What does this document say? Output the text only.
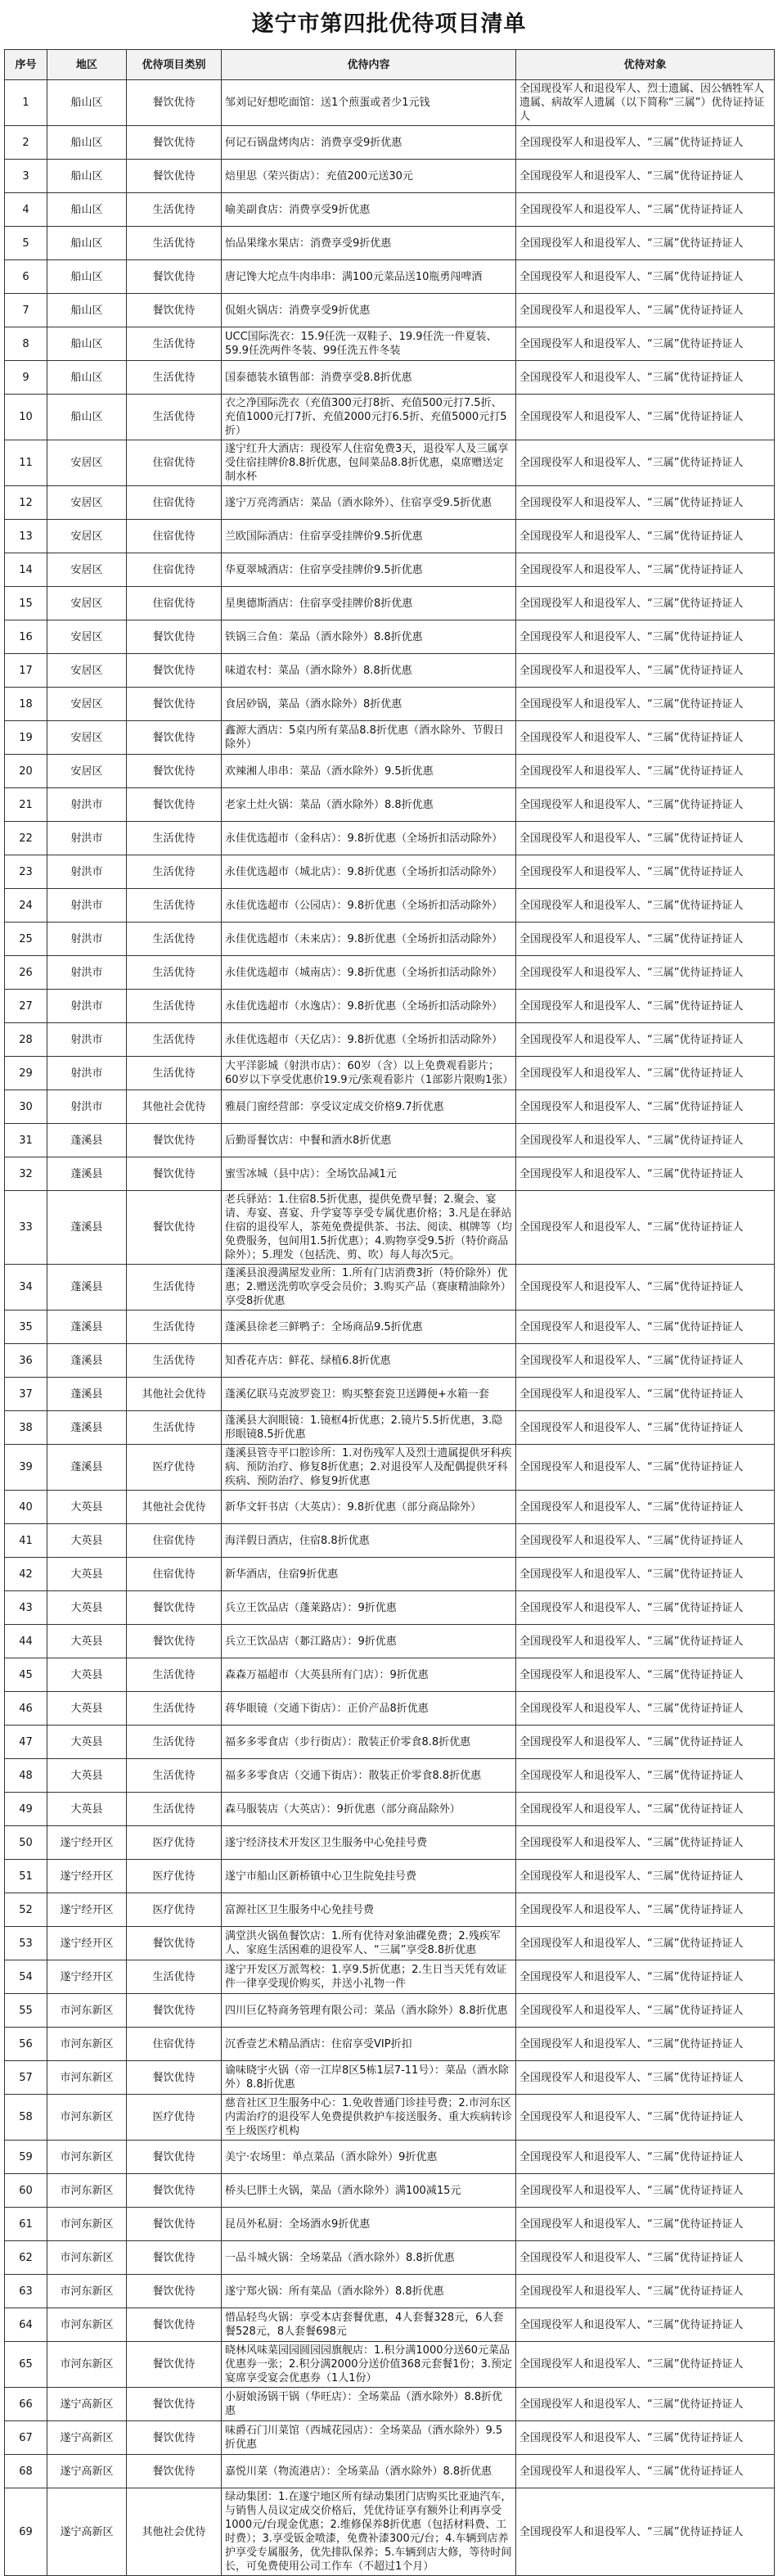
遂宁市第四批优待项目清单
序号	地区	优待项目类别	优待内容	优待对象
1	船山区	餐饮优待	邹刘记好想吃面馆：送1个煎蛋或者少1元钱	全国现役军人和退役军人、烈士遗属、因公牺牲军人遗属、病故军人遗属（以下简称“三属”）优待证持证人
2	船山区	餐饮优待	何记石锅盘烤肉店：消费享受9折优惠	全国现役军人和退役军人、“三属”优待证持证人
3	船山区	餐饮优待	焙里思（荣兴街店）：充值200元送30元	全国现役军人和退役军人、“三属”优待证持证人
4	船山区	生活优待	喻美副食店：消费享受9折优惠	全国现役军人和退役军人、“三属”优待证持证人
5	船山区	生活优待	怡品果缘水果店：消费享受9折优惠	全国现役军人和退役军人、“三属”优待证持证人
6	船山区	餐饮优待	唐记馋大坨点牛肉串串：满100元菜品送10瓶勇闯啤酒	全国现役军人和退役军人、“三属”优待证持证人
7	船山区	餐饮优待	侃姐火锅店：消费享受9折优惠	全国现役军人和退役军人、“三属”优待证持证人
8	船山区	生活优待	UCC国际洗衣：15.9任洗一双鞋子、19.9任洗一件夏装、59.9任洗两件冬装、99任洗五件冬装	全国现役军人和退役军人、“三属”优待证持证人
9	船山区	生活优待	国泰德装水镇售部：消费享受8.8折优惠	全国现役军人和退役军人、“三属”优待证持证人
10	船山区	生活优待	衣之净国际洗衣（充值300元打8折、充值500元打7.5折、充值1000元打7折、充值2000元打6.5折、充值5000元打5折）	全国现役军人和退役军人、“三属”优待证持证人
11	安居区	住宿优待	遂宁红升大酒店：现役军人住宿免费3天，退役军人及三属享受住宿挂牌价8.8折优惠，包间菜品8.8折优惠，桌席赠送定制水杯	全国现役军人和退役军人、“三属”优待证持证人
12	安居区	住宿优待	遂宁万亮湾酒店：菜品（酒水除外）、住宿享受9.5折优惠	全国现役军人和退役军人、“三属”优待证持证人
13	安居区	住宿优待	兰欧国际酒店：住宿享受挂牌价9.5折优惠	全国现役军人和退役军人、“三属”优待证持证人
14	安居区	住宿优待	华夏翠城酒店：住宿享受挂牌价9.5折优惠	全国现役军人和退役军人、“三属”优待证持证人
15	安居区	住宿优待	星奥德斯酒店：住宿享受挂牌价8折优惠	全国现役军人和退役军人、“三属”优待证持证人
16	安居区	餐饮优待	铁锅三合鱼：菜品（酒水除外）8.8折优惠	全国现役军人和退役军人、“三属”优待证持证人
17	安居区	餐饮优待	味道农村：菜品（酒水除外）8.8折优惠	全国现役军人和退役军人、“三属”优待证持证人
18	安居区	餐饮优待	食居砂锅，菜品（酒水除外）8折优惠	全国现役军人和退役军人、“三属”优待证持证人
19	安居区	餐饮优待	鑫源大酒店：5桌内所有菜品8.8折优惠（酒水除外、节假日除外）	全国现役军人和退役军人、“三属”优待证持证人
20	安居区	餐饮优待	欢辣湘人串串：菜品（酒水除外）9.5折优惠	全国现役军人和退役军人、“三属”优待证持证人
21	射洪市	餐饮优待	老家土灶火锅：菜品（酒水除外）8.8折优惠	全国现役军人和退役军人、“三属”优待证持证人
22	射洪市	生活优待	永佳优选超市（金科店）：9.8折优惠（全场折扣活动除外）	全国现役军人和退役军人、“三属”优待证持证人
23	射洪市	生活优待	永佳优选超市（城北店）：9.8折优惠（全场折扣活动除外）	全国现役军人和退役军人、“三属”优待证持证人
24	射洪市	生活优待	永佳优选超市（公园店）：9.8折优惠（全场折扣活动除外）	全国现役军人和退役军人、“三属”优待证持证人
25	射洪市	生活优待	永佳优选超市（未来店）：9.8折优惠（全场折扣活动除外）	全国现役军人和退役军人、“三属”优待证持证人
26	射洪市	生活优待	永佳优选超市（城南店）：9.8折优惠（全场折扣活动除外）	全国现役军人和退役军人、“三属”优待证持证人
27	射洪市	生活优待	永佳优选超市（水逸店）：9.8折优惠（全场折扣活动除外）	全国现役军人和退役军人、“三属”优待证持证人
28	射洪市	生活优待	永佳优选超市（天亿店）：9.8折优惠（全场折扣活动除外）	全国现役军人和退役军人、“三属”优待证持证人
29	射洪市	生活优待	大平洋影城（射洪市店）：60岁（含）以上免费观看影片；60岁以下享受优惠价19.9元/张观看影片（1部影片限购1张）	全国现役军人和退役军人、“三属”优待证持证人
30	射洪市	其他社会优待	雅晨门窗经营部：享受议定成交价格9.7折优惠	全国现役军人和退役军人、“三属”优待证持证人
31	蓬溪县	餐饮优待	后勤哥餐饮店：中餐和酒水8折优惠	全国现役军人和退役军人、“三属”优待证持证人
32	蓬溪县	餐饮优待	蜜雪冰城（县中店）：全场饮品减1元	全国现役军人和退役军人、“三属”优待证持证人
33	蓬溪县	餐饮优待	老兵驿站：1.住宿8.5折优惠，提供免费早餐；2.聚会、宴请、寿宴、喜宴、升学宴等享受专属优惠价格；3.凡是在驿站住宿的退役军人，茶苑免费提供茶、书法、阅读、棋牌等（均免费服务，包间用1.5折优惠）；4.购物享受9.5折（特价商品除外）；5.理发（包括洗、剪、吹）每人每次5元。	全国现役军人和退役军人、“三属”优待证持证人
34	蓬溪县	生活优待	蓬溪县浪漫满屋发业所：1.所有门店消费3折（特价除外）优惠；2.赠送洗剪吹享受会员价；3.购买产品（赛康精油除外）享受8折优惠	全国现役军人和退役军人、“三属”优待证持证人
35	蓬溪县	生活优待	蓬溪县徐老三鲜鸭子：全场商品9.5折优惠	全国现役军人和退役军人、“三属”优待证持证人
36	蓬溪县	生活优待	知香花卉店：鲜花、绿植6.8折优惠	全国现役军人和退役军人、“三属”优待证持证人
37	蓬溪县	其他社会优待	蓬溪亿联马克波罗瓷卫：购买整套瓷卫送蹲便+水箱一套	全国现役军人和退役军人、“三属”优待证持证人
38	蓬溪县	生活优待	蓬溪县大润眼镜：1.镜框4折优惠；2.镜片5.5折优惠，3.隐形眼镜8.5折优惠	全国现役军人和退役军人、“三属”优待证持证人
39	蓬溪县	医疗优待	蓬溪县管寺平口腔诊所：1.对伤残军人及烈士遗属提供牙科疾病、预防治疗、修复8折优惠；2.对退役军人及配偶提供牙科疾病、预防治疗、修复9折优惠	全国现役军人和退役军人、“三属”优待证持证人
40	大英县	其他社会优待	新华文轩书店（大英店）：9.8折优惠（部分商品除外）	全国现役军人和退役军人、“三属”优待证持证人
41	大英县	住宿优待	海洋假日酒店，住宿8.8折优惠	全国现役军人和退役军人、“三属”优待证持证人
42	大英县	住宿优待	新华酒店，住宿9折优惠	全国现役军人和退役军人、“三属”优待证持证人
43	大英县	餐饮优待	兵立王饮品店（蓬莱路店）：9折优惠	全国现役军人和退役军人、“三属”优待证持证人
44	大英县	餐饮优待	兵立王饮品店（郪江路店）：9折优惠	全国现役军人和退役军人、“三属”优待证持证人
45	大英县	生活优待	森森万福超市（大英县所有门店）：9折优惠	全国现役军人和退役军人、“三属”优待证持证人
46	大英县	生活优待	蒋华眼镜（交通下街店）：正价产品8折优惠	全国现役军人和退役军人、“三属”优待证持证人
47	大英县	生活优待	福多多零食店（步行街店）：散装正价零食8.8折优惠	全国现役军人和退役军人、“三属”优待证持证人
48	大英县	生活优待	福多多零食店（交通下街店）：散装正价零食8.8折优惠	全国现役军人和退役军人、“三属”优待证持证人
49	大英县	生活优待	森马服装店（大英店）：9折优惠（部分商品除外）	全国现役军人和退役军人、“三属”优待证持证人
50	遂宁经开区	医疗优待	遂宁经济技术开发区卫生服务中心免挂号费	全国现役军人和退役军人、“三属”优待证持证人
51	遂宁经开区	医疗优待	遂宁市船山区新桥镇中心卫生院免挂号费	全国现役军人和退役军人、“三属”优待证持证人
52	遂宁经开区	医疗优待	富源社区卫生服务中心免挂号费	全国现役军人和退役军人、“三属”优待证持证人
53	遂宁经开区	餐饮优待	满堂洪火锅鱼餐饮店：1.所有优待对象油碟免费；2.残疾军人、家庭生活困难的退役军人、“三属”享受8.8折优惠	全国现役军人和退役军人、“三属”优待证持证人
54	遂宁经开区	生活优待	遂宁开发区万派驾校：1.享9.5折优惠；2.生日当天凭有效证件一律享受现价购买，并送小礼物一件	全国现役军人和退役军人、“三属”优待证持证人
55	市河东新区	餐饮优待	四川巨亿特商务管理有限公司：菜品（酒水除外）8.8折优惠	全国现役军人和退役军人、“三属”优待证持证人
56	市河东新区	住宿优待	沉香壹艺术精品酒店：住宿享受VIP折扣	全国现役军人和退役军人、“三属”优待证持证人
57	市河东新区	餐饮优待	谕味晓宇火锅（帝一江岸8区5栋1层7-11号）：菜品（酒水除外）8.8折优惠	全国现役军人和退役军人、“三属”优待证持证人
58	市河东新区	医疗优待	慈音社区卫生服务中心：1.免收普通门诊挂号费；2.市河东区内需治疗的退役军人免费提供救护车接送服务、重大疾病转诊至上级医疗机构	全国现役军人和退役军人、“三属”优待证持证人
59	市河东新区	餐饮优待	美宁·农场里：单点菜品（酒水除外）9折优惠	全国现役军人和退役军人、“三属”优待证持证人
60	市河东新区	餐饮优待	桥头巳胖土火锅，菜品（酒水除外）满100减15元	全国现役军人和退役军人、“三属”优待证持证人
61	市河东新区	餐饮优待	昆员外私厨：全场酒水9折优惠	全国现役军人和退役军人、“三属”优待证持证人
62	市河东新区	餐饮优待	一品斗城火锅：全场菜品（酒水除外）8.8折优惠	全国现役军人和退役军人、“三属”优待证持证人
63	市河东新区	餐饮优待	遂宁郑火锅：所有菜品（酒水除外）8.8折优惠	全国现役军人和退役军人、“三属”优待证持证人
64	市河东新区	餐饮优待	惜品轻鸟火锅：享受本店套餐优惠，4人套餐328元，6人套餐528元，8人套餐698元	全国现役军人和退役军人、“三属”优待证持证人
65	市河东新区	餐饮优待	晓林风味菜园园圆园园旗舰店：1.积分满1000分送60元菜品优惠券一张；2.积分满2000分送价值368元套餐1份；3.预定宴席享受宴会优惠券（1人1份）	全国现役军人和退役军人、“三属”优待证持证人
66	遂宁高新区	餐饮优待	小厨娘汤锅干锅（华旺店）：全场菜品（酒水除外）8.8折优惠	全国现役军人和退役军人、“三属”优待证持证人
67	遂宁高新区	餐饮优待	味爵石门川菜馆（西城花园店）：全场菜品（酒水除外）9.5折优惠	全国现役军人和退役军人、“三属”优待证持证人
68	遂宁高新区	餐饮优待	嘉悦川菜（物流港店）：全场菜品（酒水除外）8.8折优惠	全国现役军人和退役军人、“三属”优待证持证人
69	遂宁高新区	其他社会优待	绿动集团：1.在遂宁地区所有绿动集团门店购买比亚迪汽车，与销售人员议定成交价格后，凭优待证享有额外让利再享受1000元/台现金优惠；2.维修保养8折优惠（包括材料费、工时费）；3.享受钣金喷漆，免费补漆300元/台；4.车辆到店养护享受专属服务，优先排队保养；5.车辆到店大修，等待时间长，可免费使用公司工作车（不超过1个月）	全国现役军人和退役军人、“三属”优待证持证人
